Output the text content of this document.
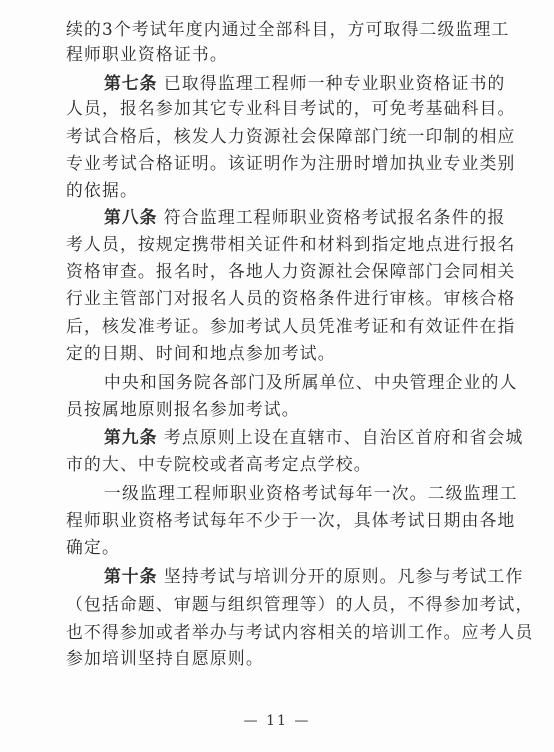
续的3个考试年度内通过全部科目，方可取得二级监理工
程师职业资格证书。
第七条 已取得监理工程师一种专业职业资格证书的
人员，报名参加其它专业科目考试的，可免考基础科目。
考试合格后，核发人力资源社会保障部门统一印制的相应
专业考试合格证明。该证明作为注册时增加执业专业类别
的依据。
第八条 符合监理工程师职业资格考试报名条件的报
考人员，按规定携带相关证件和材料到指定地点进行报名
资格审查。报名时，各地人力资源社会保障部门会同相关
行业主管部门对报名人员的资格条件进行审核。审核合格
后，核发准考证。参加考试人员凭准考证和有效证件在指
定的日期、时间和地点参加考试。
中央和国务院各部门及所属单位、中央管理企业的人
员按属地原则报名参加考试。
第九条 考点原则上设在直辖市、自治区首府和省会城
市的大、中专院校或者高考定点学校。
一级监理工程师职业资格考试每年一次。二级监理工
程师职业资格考试每年不少于一次，具体考试日期由各地
确定。
第十条 坚持考试与培训分开的原则。凡参与考试工作
（包括命题、审题与组织管理等）的人员，不得参加考试，
也不得参加或者举办与考试内容相关的培训工作。应考人员
参加培训坚持自愿原则。
— 11 —
